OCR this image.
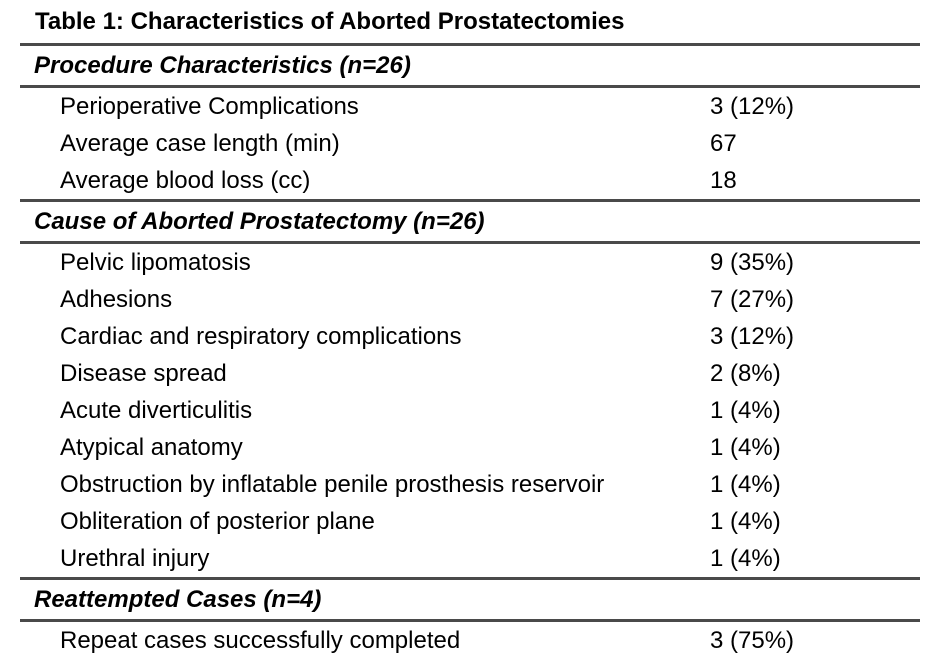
Table 1: Characteristics of Aborted Prostatectomies
Procedure Characteristics (n=26)
Perioperative Complications	3 (12%)
Average case length (min)	67
Average blood loss (cc)	18
Cause of Aborted Prostatectomy (n=26)
Pelvic lipomatosis	9 (35%)
Adhesions	7 (27%)
Cardiac and respiratory complications	3 (12%)
Disease spread	2 (8%)
Acute diverticulitis	1 (4%)
Atypical anatomy	1 (4%)
Obstruction by inflatable penile prosthesis reservoir	1 (4%)
Obliteration of posterior plane	1 (4%)
Urethral injury	1 (4%)
Reattempted Cases (n=4)
Repeat cases successfully completed	3 (75%)
